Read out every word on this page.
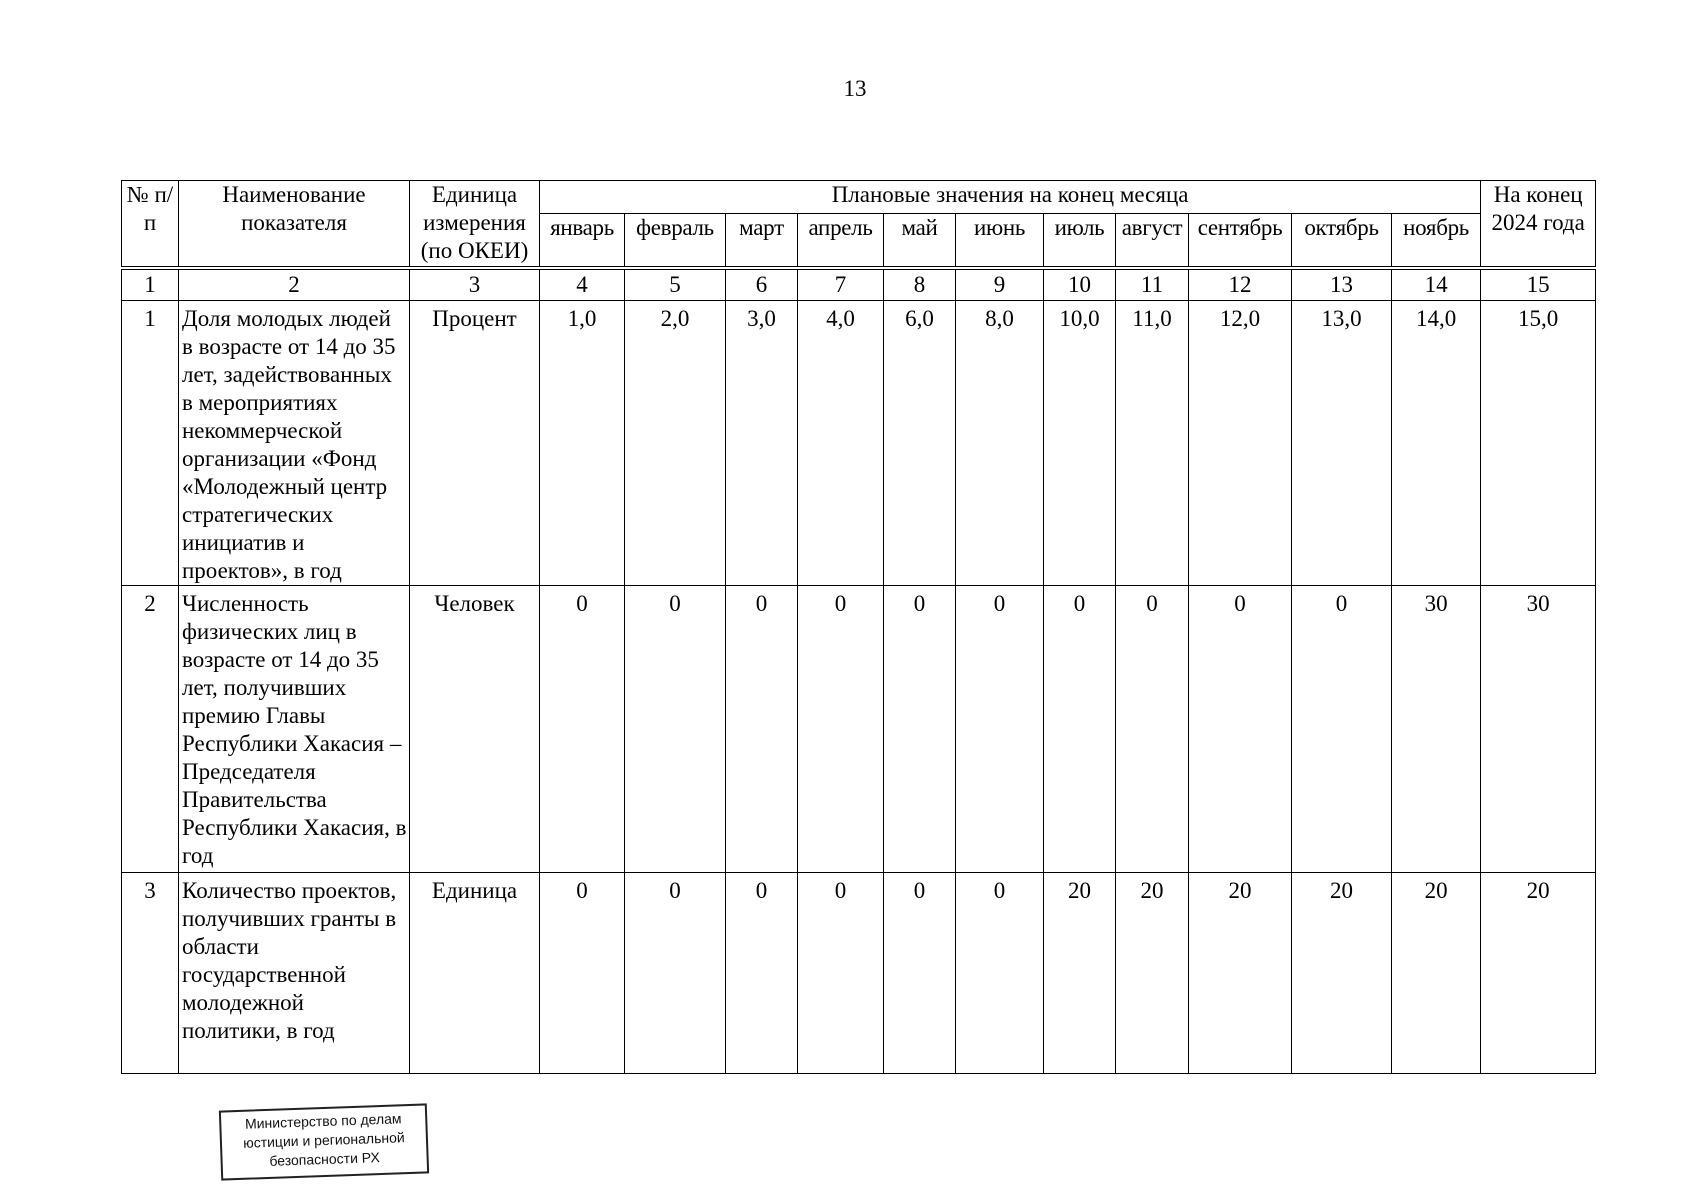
13
№ п/п	Наименование показателя	Единица измерения (по ОКЕИ)	Плановые значения на конец месяца											На конец 2024 года
			январь	февраль	март	апрель	май	июнь	июль	август	сентябрь	октябрь	ноябрь	
1	2	3	4	5	6	7	8	9	10	11	12	13	14	15
1	Доля молодых людей в возрасте от 14 до 35 лет, задействованных в мероприятиях некоммерческой организации «Фонд «Молодежный центр стратегических инициатив и проектов», в год	Процент	1,0	2,0	3,0	4,0	6,0	8,0	10,0	11,0	12,0	13,0	14,0	15,0
2	Численность физических лиц в возрасте от 14 до 35 лет, получивших премию Главы Республики Хакасия – Председателя Правительства Республики Хакасия, в год	Человек	0	0	0	0	0	0	0	0	0	0	30	30
3	Количество проектов, получивших гранты в области государственной молодежной политики, в год	Единица	0	0	0	0	0	0	20	20	20	20	20	20
Министерство по делам
юстиции и региональной
безопасности РХ
